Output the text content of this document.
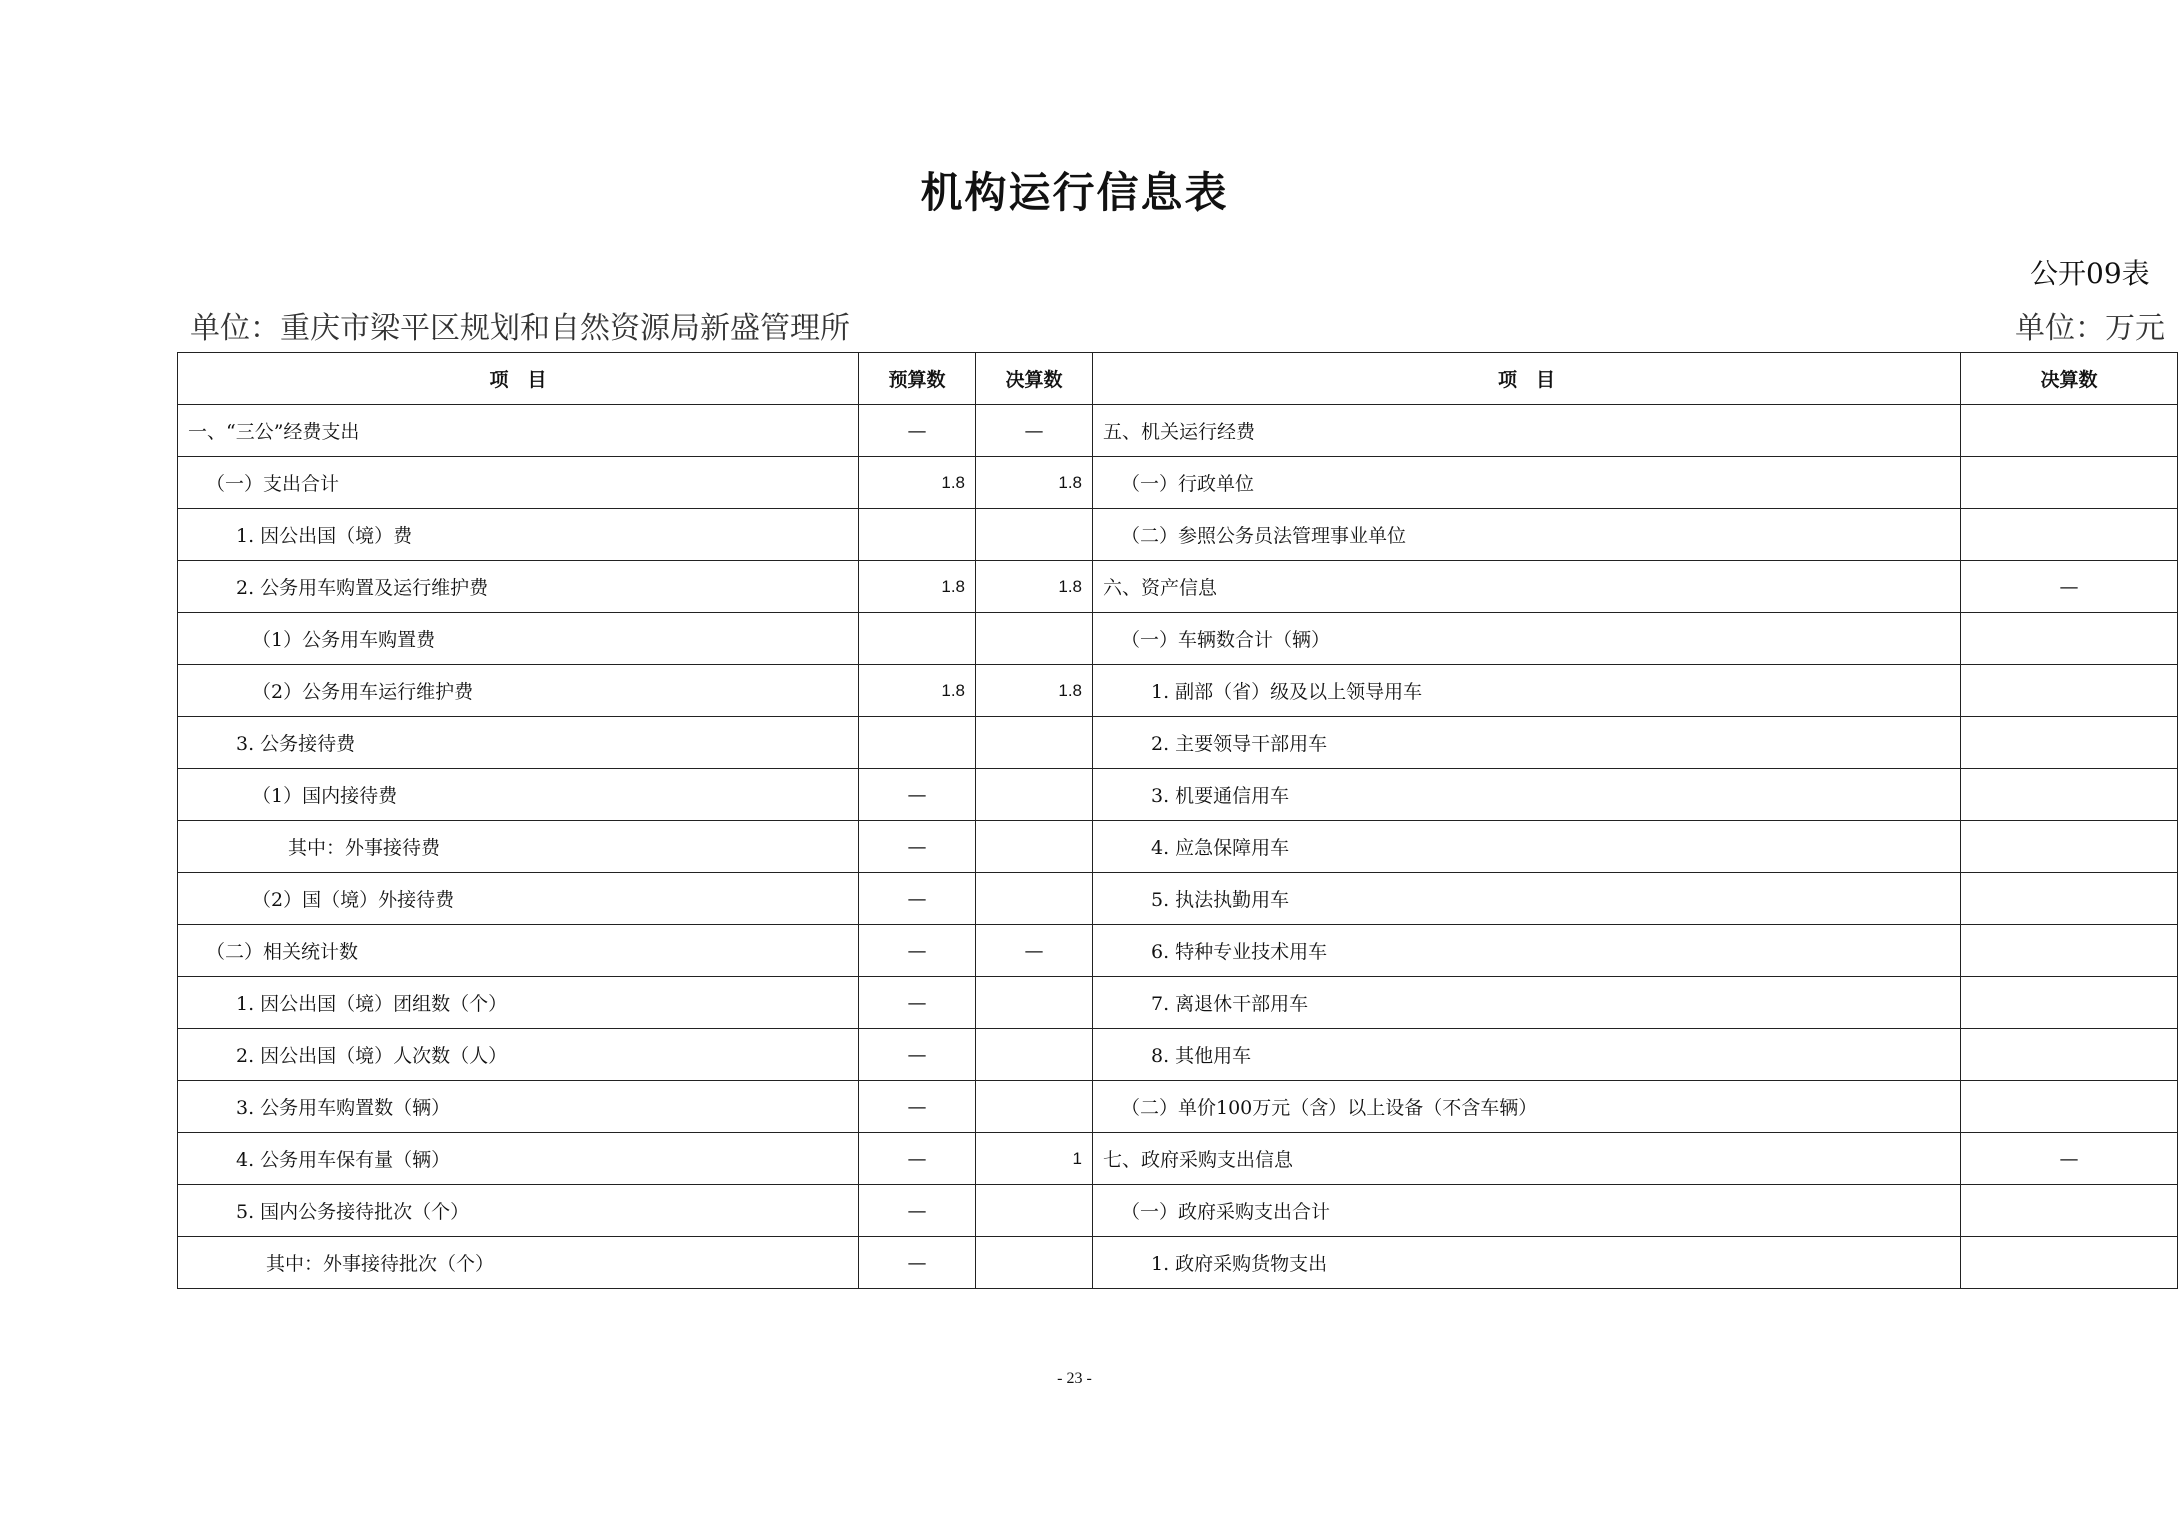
机构运行信息表
公开09表
单位：重庆市梁平区规划和自然资源局新盛管理所	单位：万元
项　目	预算数	决算数	项　目	决算数
一、“三公”经费支出	—	—	五、机关运行经费	
（一）支出合计	1.8	1.8	（一）行政单位	
1. 因公出国（境）费			（二）参照公务员法管理事业单位	
2. 公务用车购置及运行维护费	1.8	1.8	六、资产信息	—
（1）公务用车购置费			（一）车辆数合计（辆）	
（2）公务用车运行维护费	1.8	1.8	1. 副部（省）级及以上领导用车	
3. 公务接待费			2. 主要领导干部用车	
（1）国内接待费	—		3. 机要通信用车	
其中：外事接待费	—		4. 应急保障用车	
（2）国（境）外接待费	—		5. 执法执勤用车	
（二）相关统计数	—	—	6. 特种专业技术用车	
1. 因公出国（境）团组数（个）	—		7. 离退休干部用车	
2. 因公出国（境）人次数（人）	—		8. 其他用车	
3. 公务用车购置数（辆）	—		（二）单价100万元（含）以上设备（不含车辆）	
4. 公务用车保有量（辆）	—	1	七、政府采购支出信息	—
5. 国内公务接待批次（个）	—		（一）政府采购支出合计	
其中：外事接待批次（个）	—		1. 政府采购货物支出	
- 23 -
